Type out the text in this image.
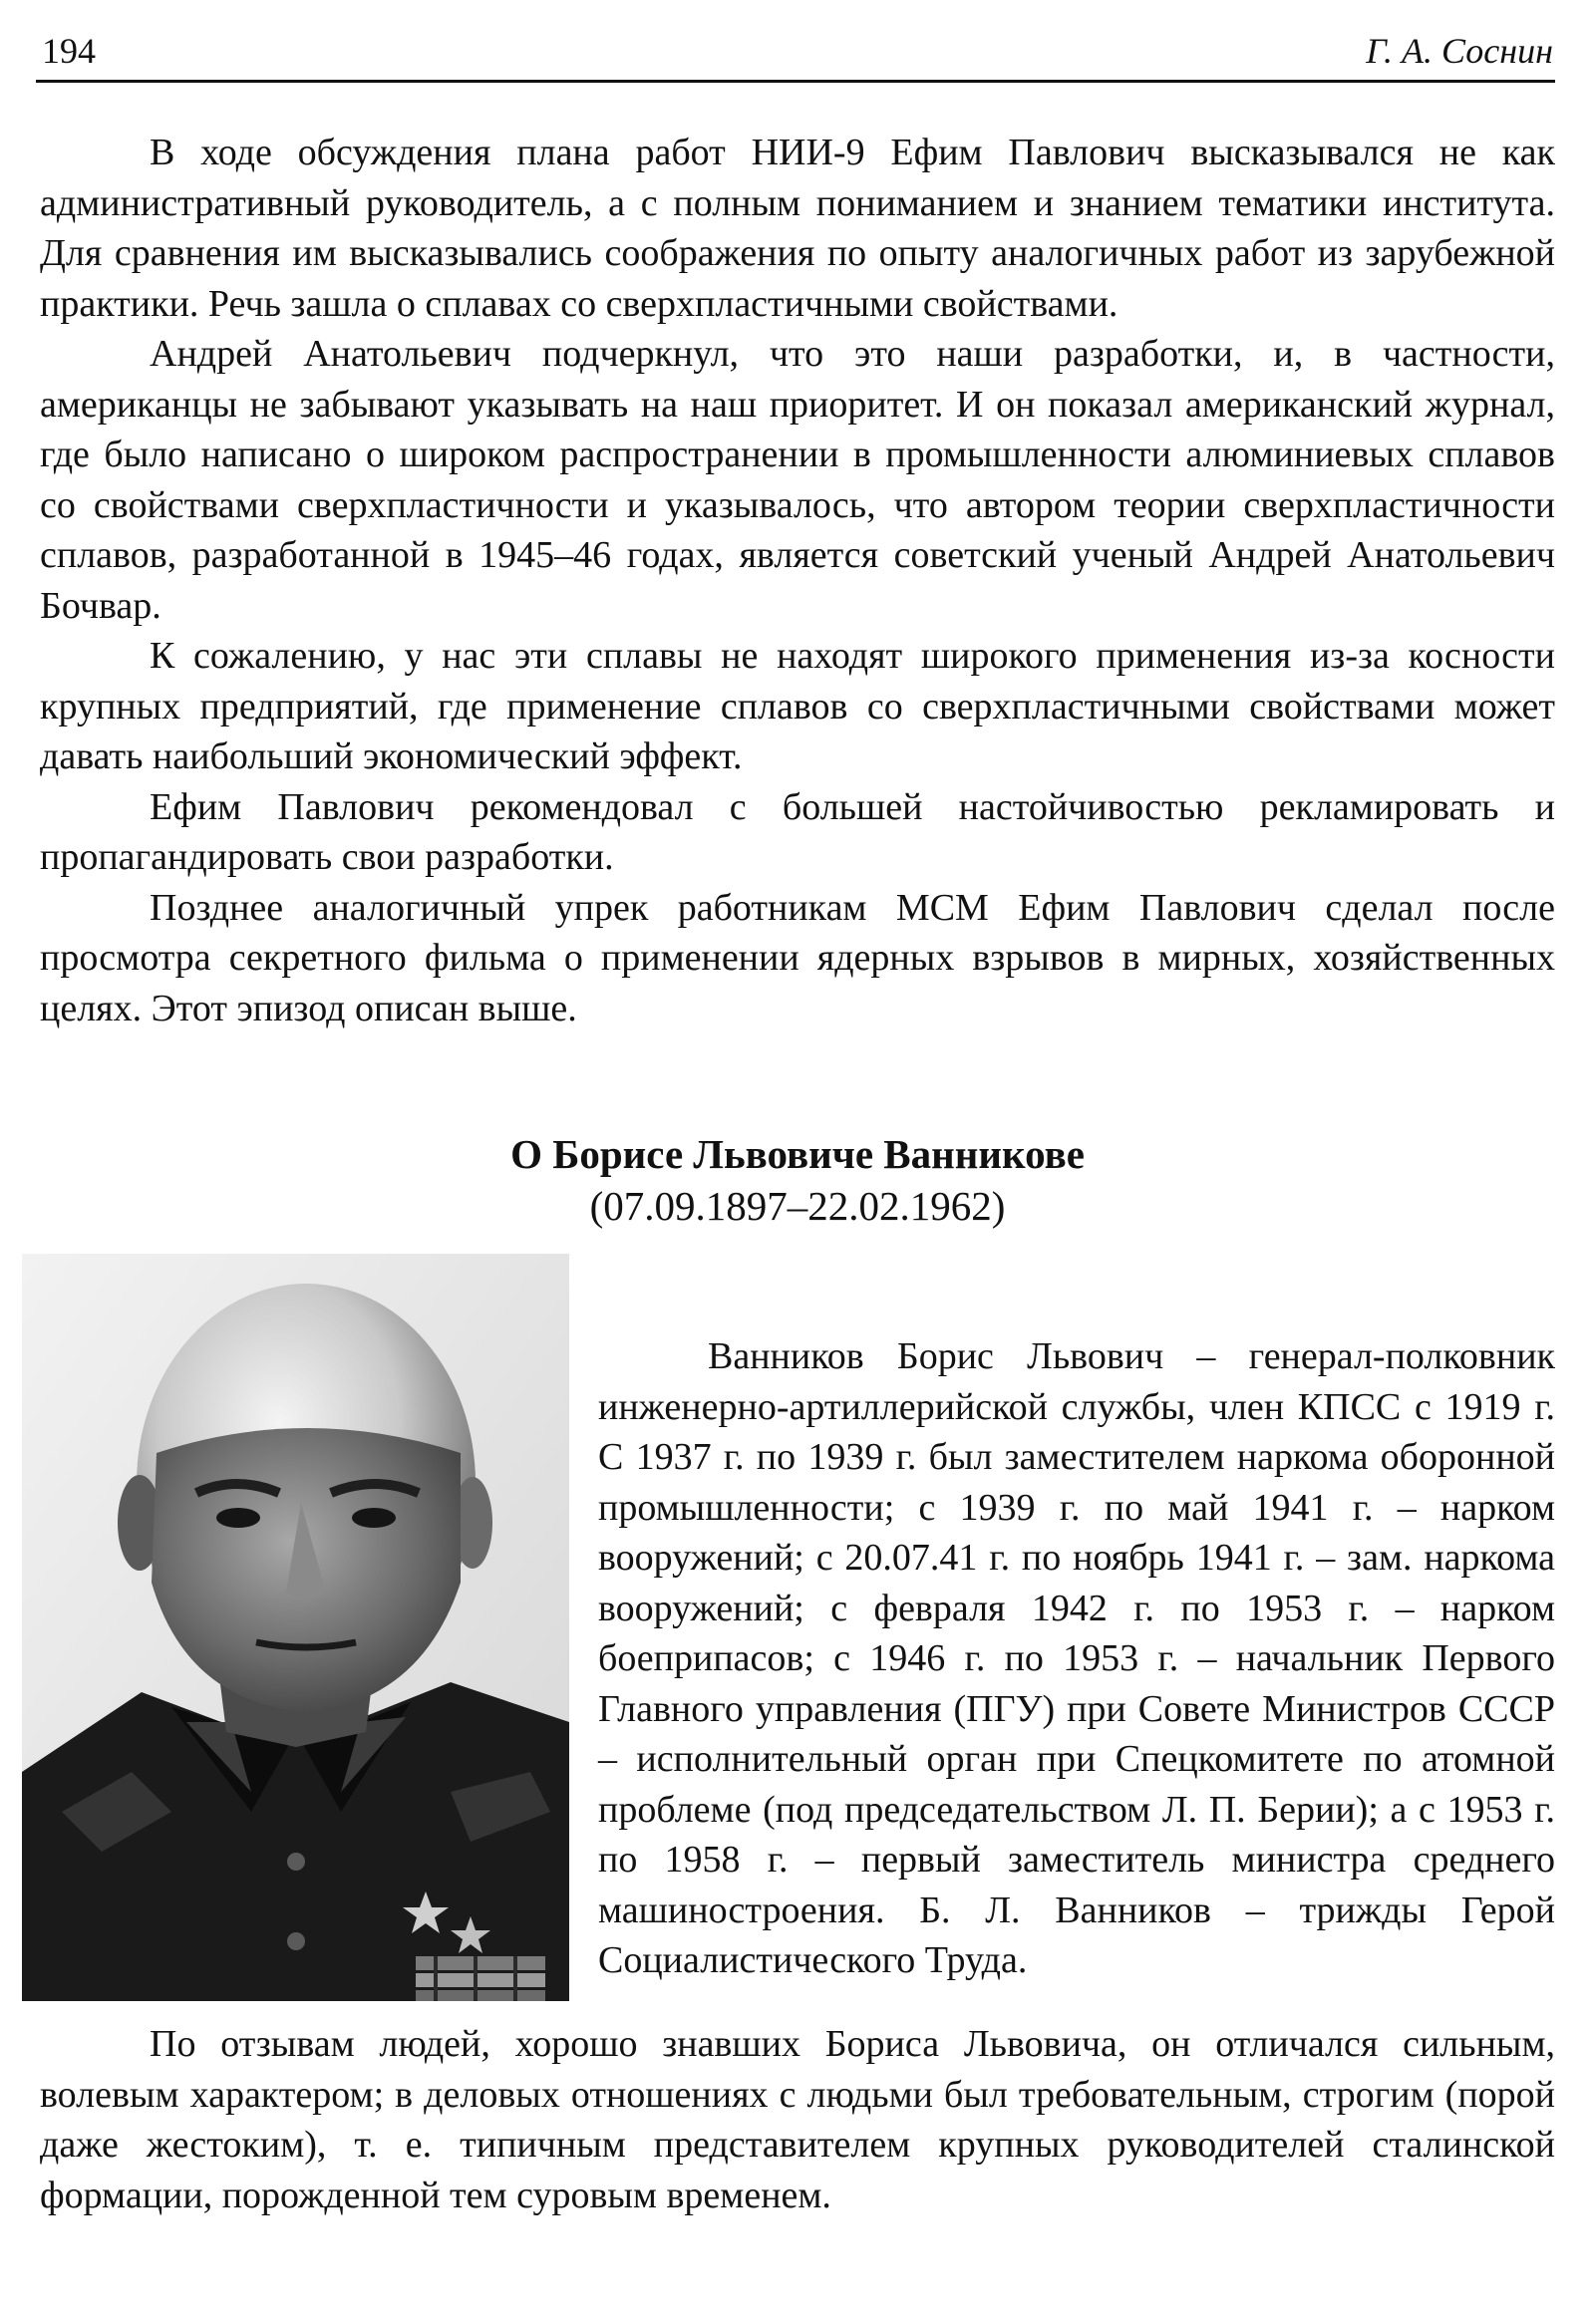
194	Г. А. Соснин

В ходе обсуждения плана работ НИИ-9 Ефим Павлович высказывался не как административный руководитель, а с полным пониманием и знанием тематики института. Для сравнения им высказывались соображения по опыту аналогичных работ из зарубежной практики. Речь зашла о сплавах со сверхпластичными свойствами.

Андрей Анатольевич подчеркнул, что это наши разработки, и, в частности, американцы не забывают указывать на наш приоритет. И он показал американский журнал, где было написано о широком распространении в промышленности алюминиевых сплавов со свойствами сверхпластичности и указывалось, что автором теории сверхпластичности сплавов, разработанной в 1945–46 годах, является советский ученый Андрей Анатольевич Бочвар.

К сожалению, у нас эти сплавы не находят широкого применения из-за косности крупных предприятий, где применение сплавов со сверхпластичными свойствами может давать наибольший экономический эффект.

Ефим Павлович рекомендовал с большей настойчивостью рекламировать и пропагандировать свои разработки.

Позднее аналогичный упрек работникам МСМ Ефим Павлович сделал после просмотра секретного фильма о применении ядерных взрывов в мирных, хозяйственных целях. Этот эпизод описан выше.

О Борисе Львовиче Ванникове
(07.09.1897–22.02.1962)

Ванников Борис Львович – генерал-полковник инженерно-артиллерийской службы, член КПСС с 1919 г. С 1937 г. по 1939 г. был заместителем наркома оборонной промышленности; с 1939 г. по май 1941 г. – нарком вооружений; с 20.07.41 г. по ноябрь 1941 г. – зам. наркома вооружений; с февраля 1942 г. по 1953 г. – нарком боеприпасов; с 1946 г. по 1953 г. – начальник Первого Главного управления (ПГУ) при Совете Министров СССР – исполнительный орган при Спецкомитете по атомной проблеме (под председательством Л. П. Берии); а с 1953 г. по 1958 г. – первый заместитель министра среднего машиностроения. Б. Л. Ванников – трижды Герой Социалистического Труда.

По отзывам людей, хорошо знавших Бориса Львовича, он отличался сильным, волевым характером; в деловых отношениях с людьми был требовательным, строгим (порой даже жестоким), т. е. типичным представителем крупных руководителей сталинской формации, порожденной тем суровым временем.
